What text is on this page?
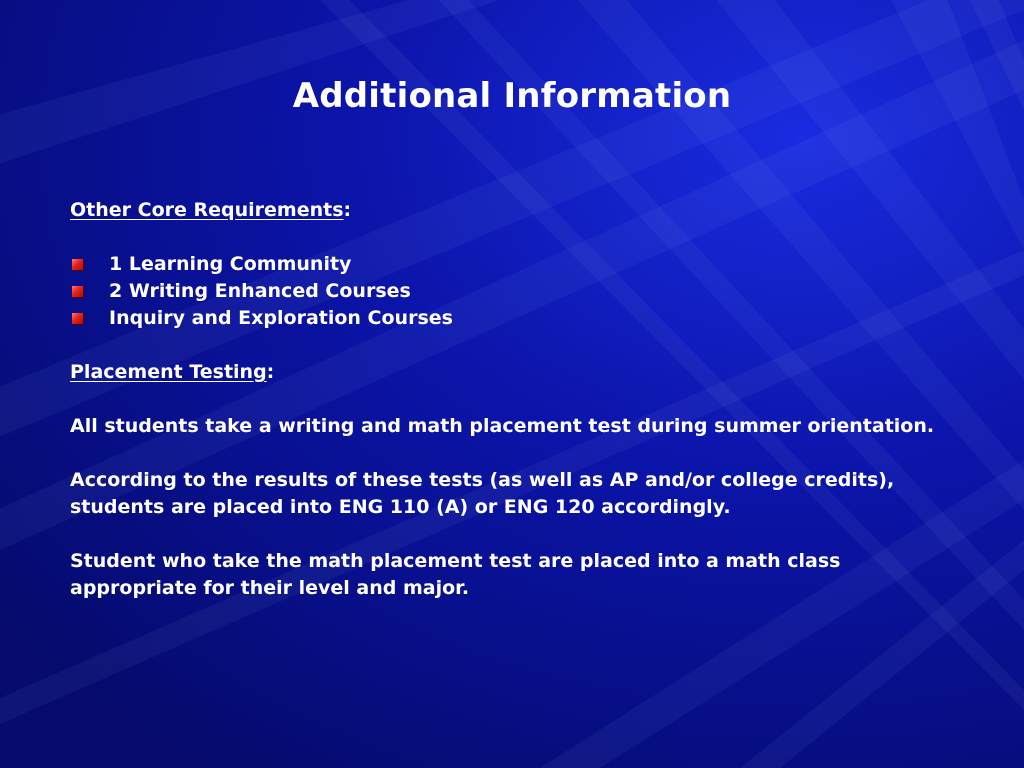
Additional Information

Other Core Requirements:

1 Learning Community
2 Writing Enhanced Courses
Inquiry and Exploration Courses

Placement Testing:

All students take a writing and math placement test during summer orientation.

According to the results of these tests (as well as AP and/or college credits), students are placed into ENG 110 (A) or ENG 120 accordingly.

Student who take the math placement test are placed into a math class appropriate for their level and major.
